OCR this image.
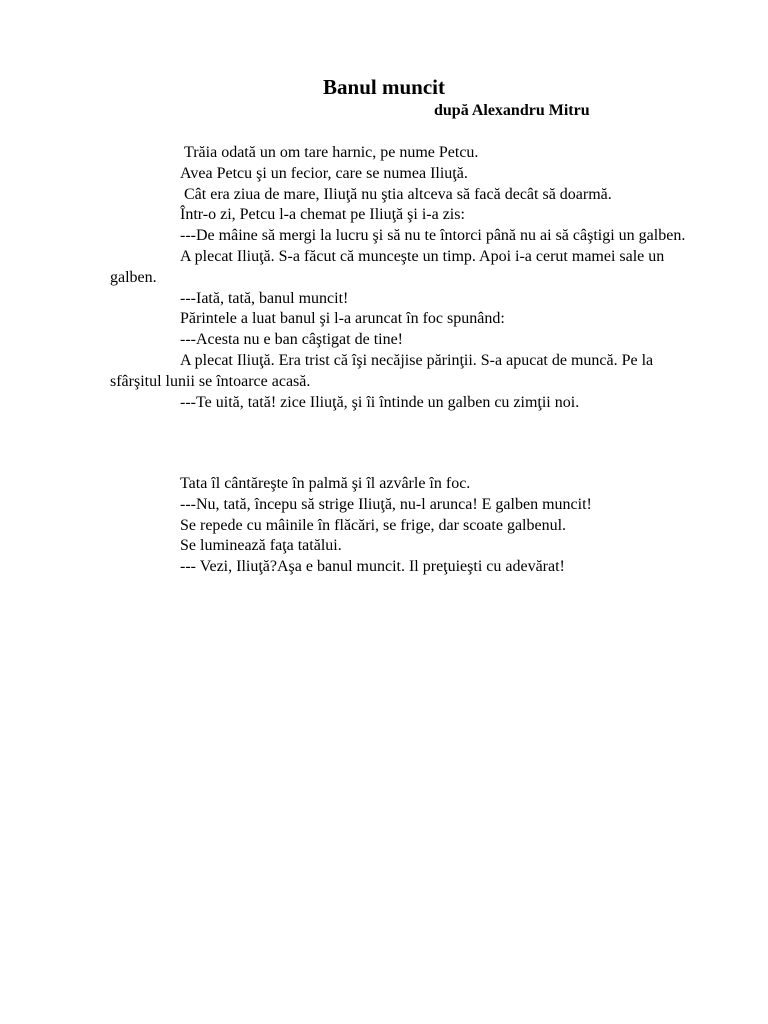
Banul muncit
după Alexandru Mitru

Trăia odată un om tare harnic, pe nume Petcu.

Avea Petcu şi un fecior, care se numea Iliuţă.

Cât era ziua de mare, Iliuţă nu ştia altceva să facă decât să doarmă.

Într-o zi, Petcu l-a chemat pe Iliuţă şi i-a zis:

---De mâine să mergi la lucru şi să nu te întorci până nu ai să câştigi un galben.

A plecat Iliuţă. S-a făcut că munceşte un timp. Apoi i-a cerut mamei sale un galben.

---Iată, tată, banul muncit!

Părintele a luat banul şi l-a aruncat în foc spunând:

---Acesta nu e ban câştigat de tine!

A plecat Iliuţă. Era trist că îşi necăjise părinţii. S-a apucat de muncă. Pe la sfârşitul lunii se întoarce acasă.

---Te uită, tată! zice Iliuţă, şi îi întinde un galben cu zimţii noi.

Tata îl cântăreşte în palmă şi îl azvârle în foc.

---Nu, tată, începu să strige Iliuţă, nu-l arunca! E galben muncit!

Se repede cu mâinile în flăcări, se frige, dar scoate galbenul.

Se luminează faţa tatălui.

--- Vezi, Iliuţă?Aşa e banul muncit. Il preţuieşti cu adevărat!
